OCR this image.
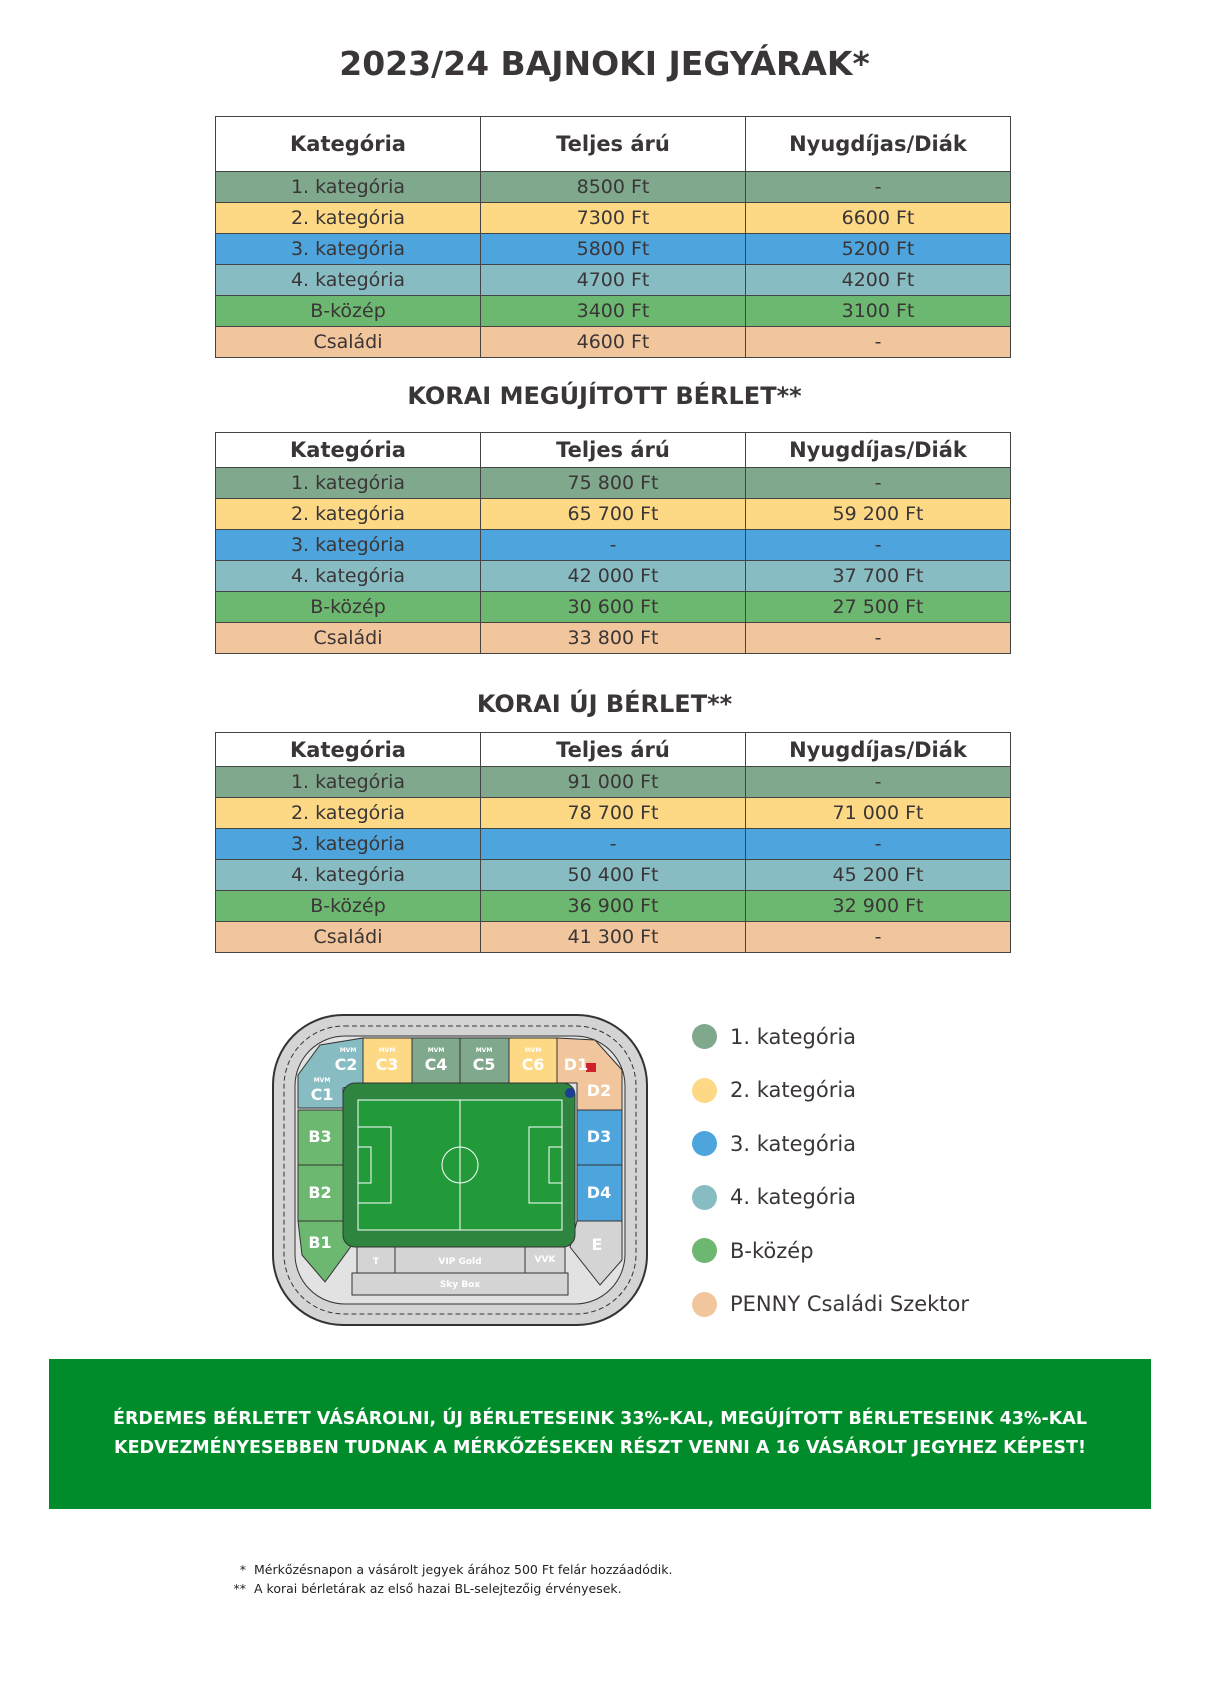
2023/24 BAJNOKI JEGYÁRAK*
Kategória	Teljes árú	Nyugdíjas/Diák
1. kategória	8500 Ft	-
2. kategória	7300 Ft	6600 Ft
3. kategória	5800 Ft	5200 Ft
4. kategória	4700 Ft	4200 Ft
B-közép	3400 Ft	3100 Ft
Családi	4600 Ft	-
KORAI MEGÚJÍTOTT BÉRLET**
Kategória	Teljes árú	Nyugdíjas/Diák
1. kategória	75 800 Ft	-
2. kategória	65 700 Ft	59 200 Ft
3. kategória	-	-
4. kategória	42 000 Ft	37 700 Ft
B-közép	30 600 Ft	27 500 Ft
Családi	33 800 Ft	-
KORAI ÚJ BÉRLET**
Kategória	Teljes árú	Nyugdíjas/Diák
1. kategória	91 000 Ft	-
2. kategória	78 700 Ft	71 000 Ft
3. kategória	-	-
4. kategória	50 400 Ft	45 200 Ft
B-közép	36 900 Ft	32 900 Ft
Családi	41 300 Ft	-
C1
C2 C3 C4 C5 C6 D1
D2
D3
D4
B1
B2
B3
E
MVM
MVM	MVM	MVM	MVM	MVM
T	VIP Gold	VVK
Sky Box
1. kategória
2. kategória
3. kategória
4. kategória
B-közép
PENNY Családi Szektor
ÉRDEMES BÉRLETET VÁSÁROLNI, ÚJ BÉRLETESEINK 33%-KAL, MEGÚJÍTOTT BÉRLETESEINK 43%-KAL
KEDVEZMÉNYESEBBEN TUDNAK A MÉRKŐZÉSEKEN RÉSZT VENNI A 16 VÁSÁROLT JEGYHEZ KÉPEST!
* Mérkőzésnapon a vásárolt jegyek árához 500 Ft felár hozzáadódik.
** A korai bérletárak az első hazai BL-selejtezőig érvényesek.
